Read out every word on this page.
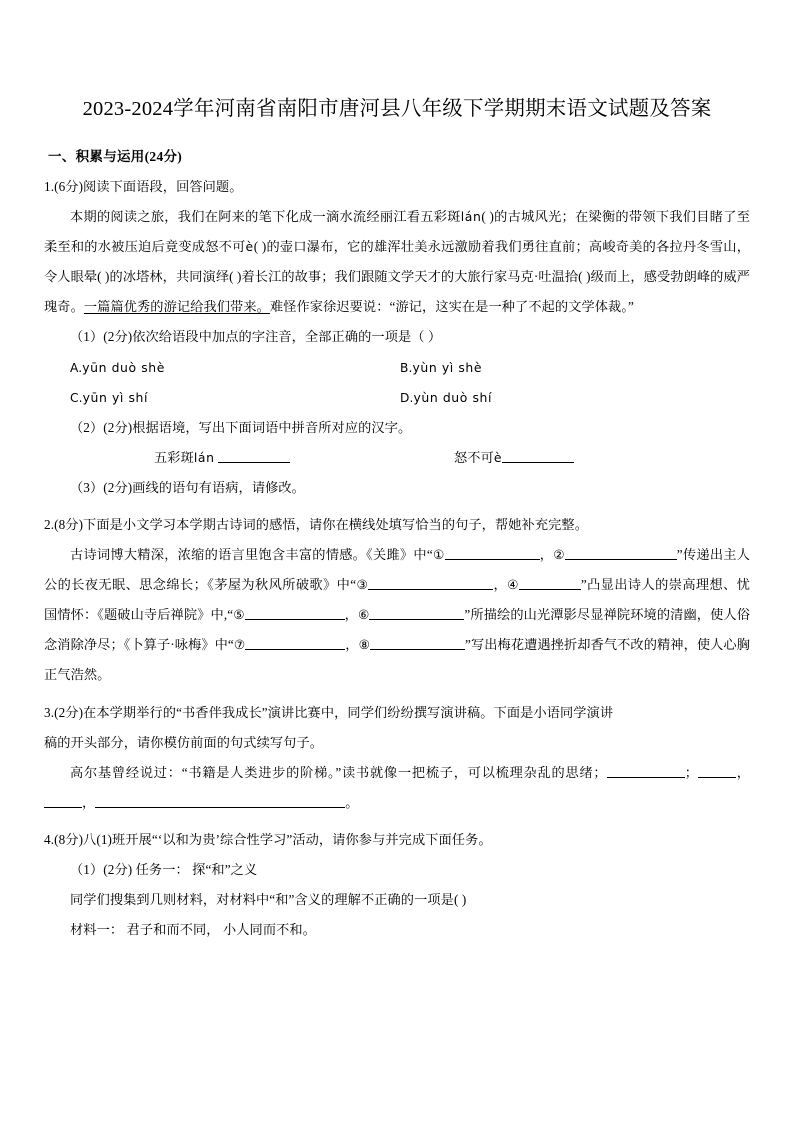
2023-2024学年河南省南阳市唐河县八年级下学期期末语文试题及答案
一、积累与运用(24分)

1.(6分)阅读下面语段，回答问题。

本期的阅读之旅，我们在阿来的笔下化成一滴水流经丽江看五彩斑lán( )的古城风光；在梁衡的带领下我们目睹了至柔至和的水被压迫后竟变成怒不可è( )的壶口瀑布，它的雄浑壮美永远激励着我们勇往直前；高峻奇美的各拉丹冬雪山，令人眼晕( )的冰塔林，共同演绎( )着长江的故事；我们跟随文学天才的大旅行家马克·吐温拾( )级而上，感受勃朗峰的威严瑰奇。一篇篇优秀的游记给我们带来。难怪作家徐迟要说：“游记，这实在是一种了不起的文学体裁。”

（1）(2分)依次给语段中加点的字注音，全部正确的一项是（ ）

A.yūn duò shè	B.yùn yì shè
C.yūn yì shí	D.yùn duò shí

（2）(2分)根据语境，写出下面词语中拼音所对应的汉字。

五彩斑lán	怒不可è

（3）(2分)画线的语句有语病，请修改。

2.(8分)下面是小文学习本学期古诗词的感悟，请你在横线处填写恰当的句子，帮她补充完整。

古诗词博大精深，浓缩的语言里饱含丰富的情感。《关雎》中“①	，②	”传递出主人公的长夜无眠、思念绵长；《茅屋为秋风所破歌》中“③	，④	”凸显出诗人的崇高理想、忧国情怀：《题破山寺后禅院》中,“⑤	，⑥	”所描绘的山光潭影尽显禅院环境的清幽，使人俗念消除净尽；《卜算子·咏梅》中“⑦	，⑧	”写出梅花遭遇挫折却香气不改的精神，使人心胸正气浩然。

3.(2分)在本学期举行的“书香伴我成长”演讲比赛中，同学们纷纷撰写演讲稿。下面是小语同学演讲

稿的开头部分，请你模仿前面的句式续写句子。

高尔基曾经说过：“书籍是人类进步的阶梯。”读书就像一把梳子，可以梳理杂乱的思绪；	；	，，	。

4.(8分)八(1)班开展“‘以和为贵’综合性学习”活动，请你参与并完成下面任务。

（1）(2分) 任务一： 探“和”之义

同学们搜集到几则材料，对材料中“和”含义的理解不正确的一项是( )

材料一： 君子和而不同， 小人同而不和。
